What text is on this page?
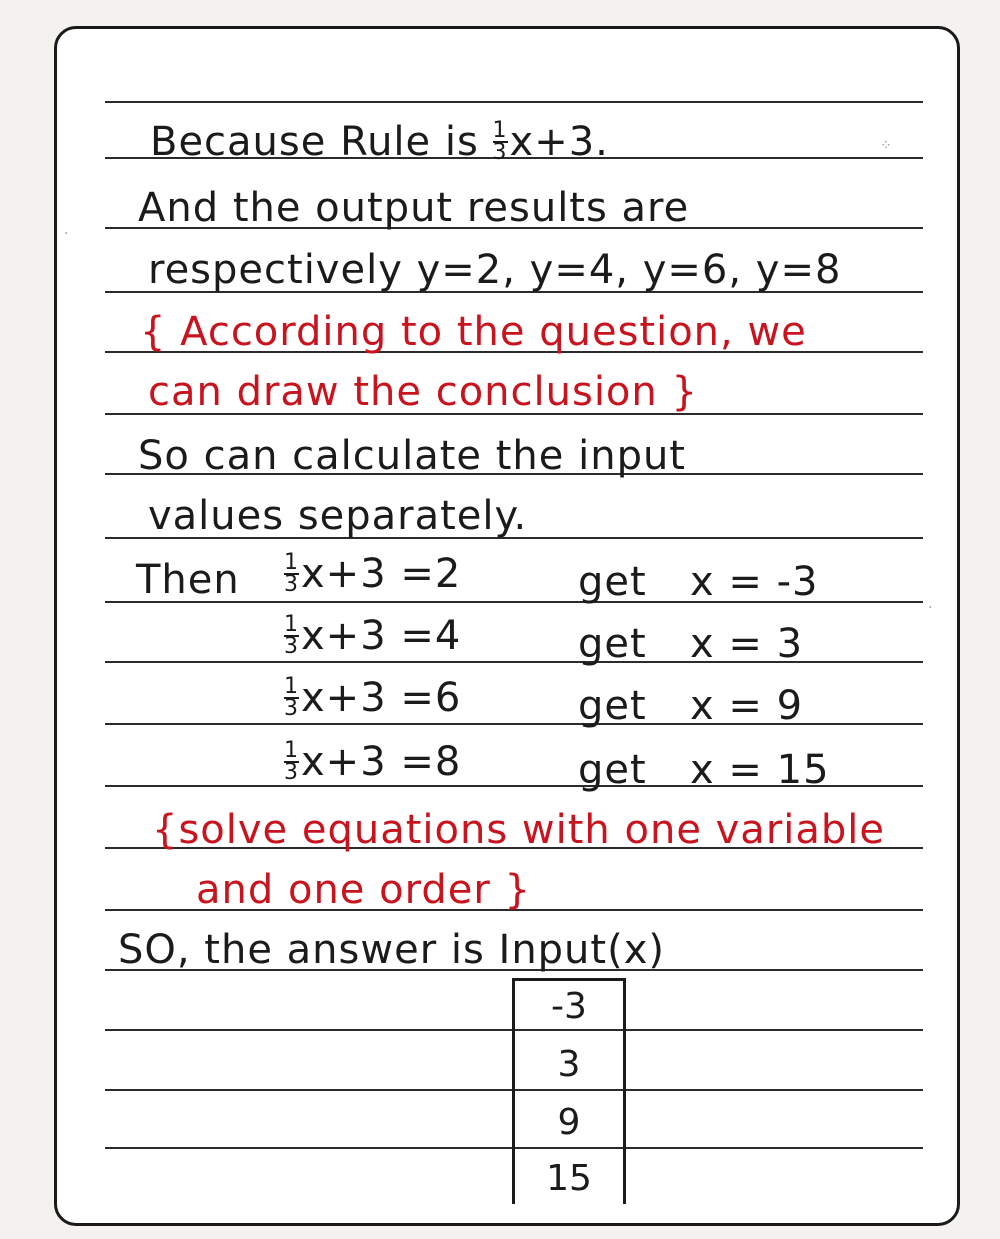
Because Rule is $\frac{1}{3} x+3$.
And the output results are
respectively y=2, y=4, y=6, y=8
{ According to the question, we
can draw the conclusion }
So can calculate the input
values separately.
Then $\frac{1}{3} x+3 =2$	get x = -3
$\frac{1}{3} x+3 =4$	get x = 3
$\frac{1}{3} x+3 =6$	get x = 9
$\frac{1}{3} x+3 =8$	get x = 15
{solve equations with one variable
and one order }
SO, the answer is Input(x)
-3
3
9
15
⁘
·
·
